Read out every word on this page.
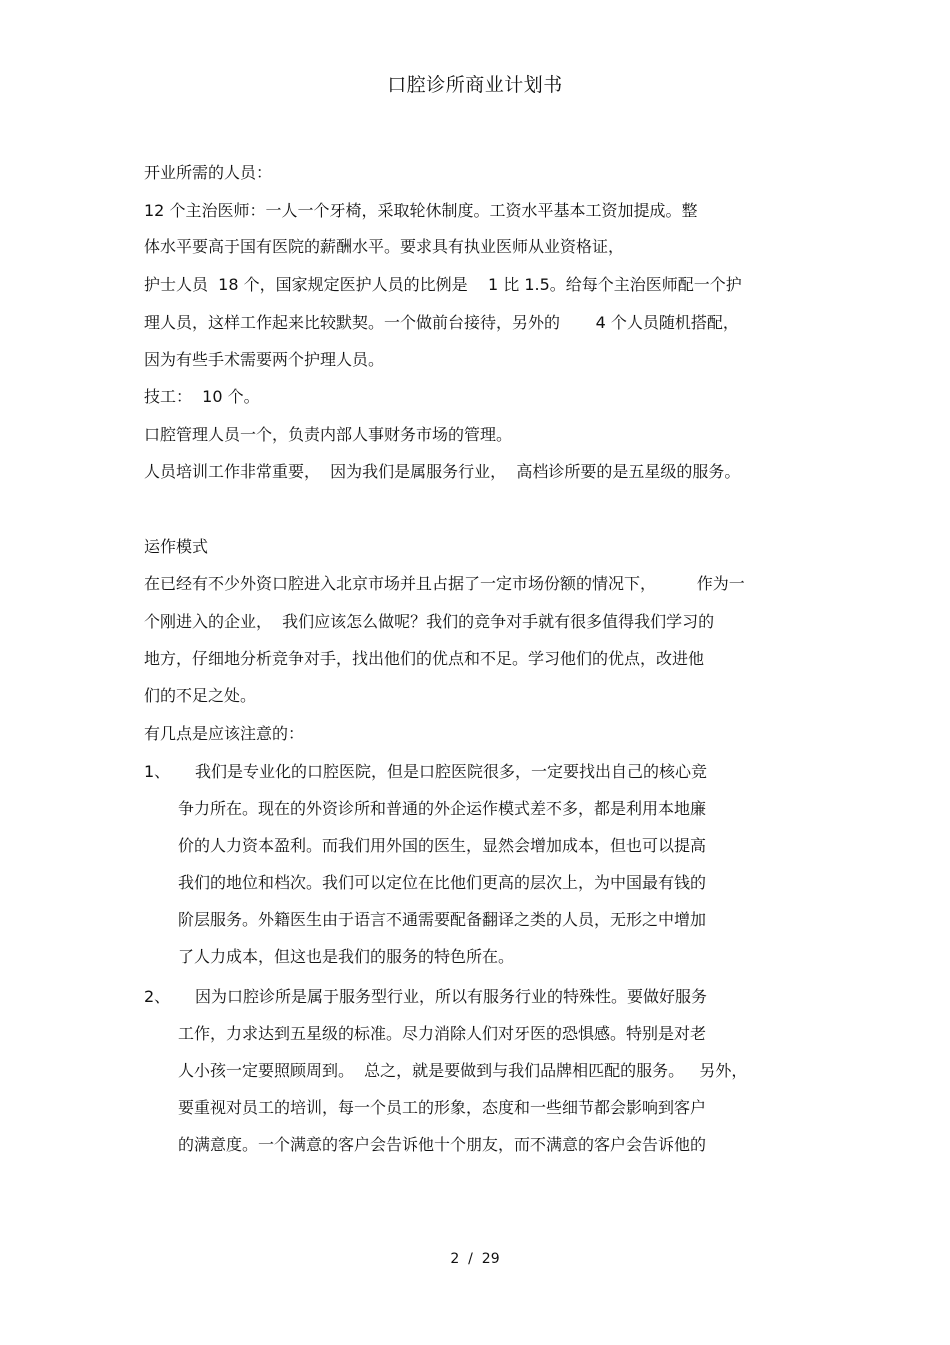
口腔诊所商业计划书
开业所需的人员：
12 个主治医师：一人一个牙椅，采取轮休制度。工资水平基本工资加提成。整
体水平要高于国有医院的薪酬水平。要求具有执业医师从业资格证，
护士人员  18 个，国家规定医护人员的比例是    1 比 1.5。给每个主治医师配一个护
理人员，这样工作起来比较默契。一个做前台接待，另外的       4 个人员随机搭配，
因为有些手术需要两个护理人员。
技工：  10 个。
口腔管理人员一个，负责内部人事财务市场的管理。
人员培训工作非常重要，  因为我们是属服务行业，  高档诊所要的是五星级的服务。
运作模式
在已经有不少外资口腔进入北京市场并且占据了一定市场份额的情况下，        作为一
个刚进入的企业，  我们应该怎么做呢？我们的竞争对手就有很多值得我们学习的
地方，仔细地分析竞争对手，找出他们的优点和不足。学习他们的优点，改进他
们的不足之处。
有几点是应该注意的：
1、 我们是专业化的口腔医院，但是口腔医院很多，一定要找出自己的核心竞
争力所在。现在的外资诊所和普通的外企运作模式差不多，都是利用本地廉
价的人力资本盈利。而我们用外国的医生，显然会增加成本，但也可以提高
我们的地位和档次。我们可以定位在比他们更高的层次上，为中国最有钱的
阶层服务。外籍医生由于语言不通需要配备翻译之类的人员，无形之中增加
了人力成本，但这也是我们的服务的特色所在。
2、 因为口腔诊所是属于服务型行业，所以有服务行业的特殊性。要做好服务
工作，力求达到五星级的标准。尽力消除人们对牙医的恐惧感。特别是对老
人小孩一定要照顾周到。  总之，就是要做到与我们品牌相匹配的服务。   另外，
要重视对员工的培训，每一个员工的形象，态度和一些细节都会影响到客户
的满意度。一个满意的客户会告诉他十个朋友，而不满意的客户会告诉他的
2  /  29
